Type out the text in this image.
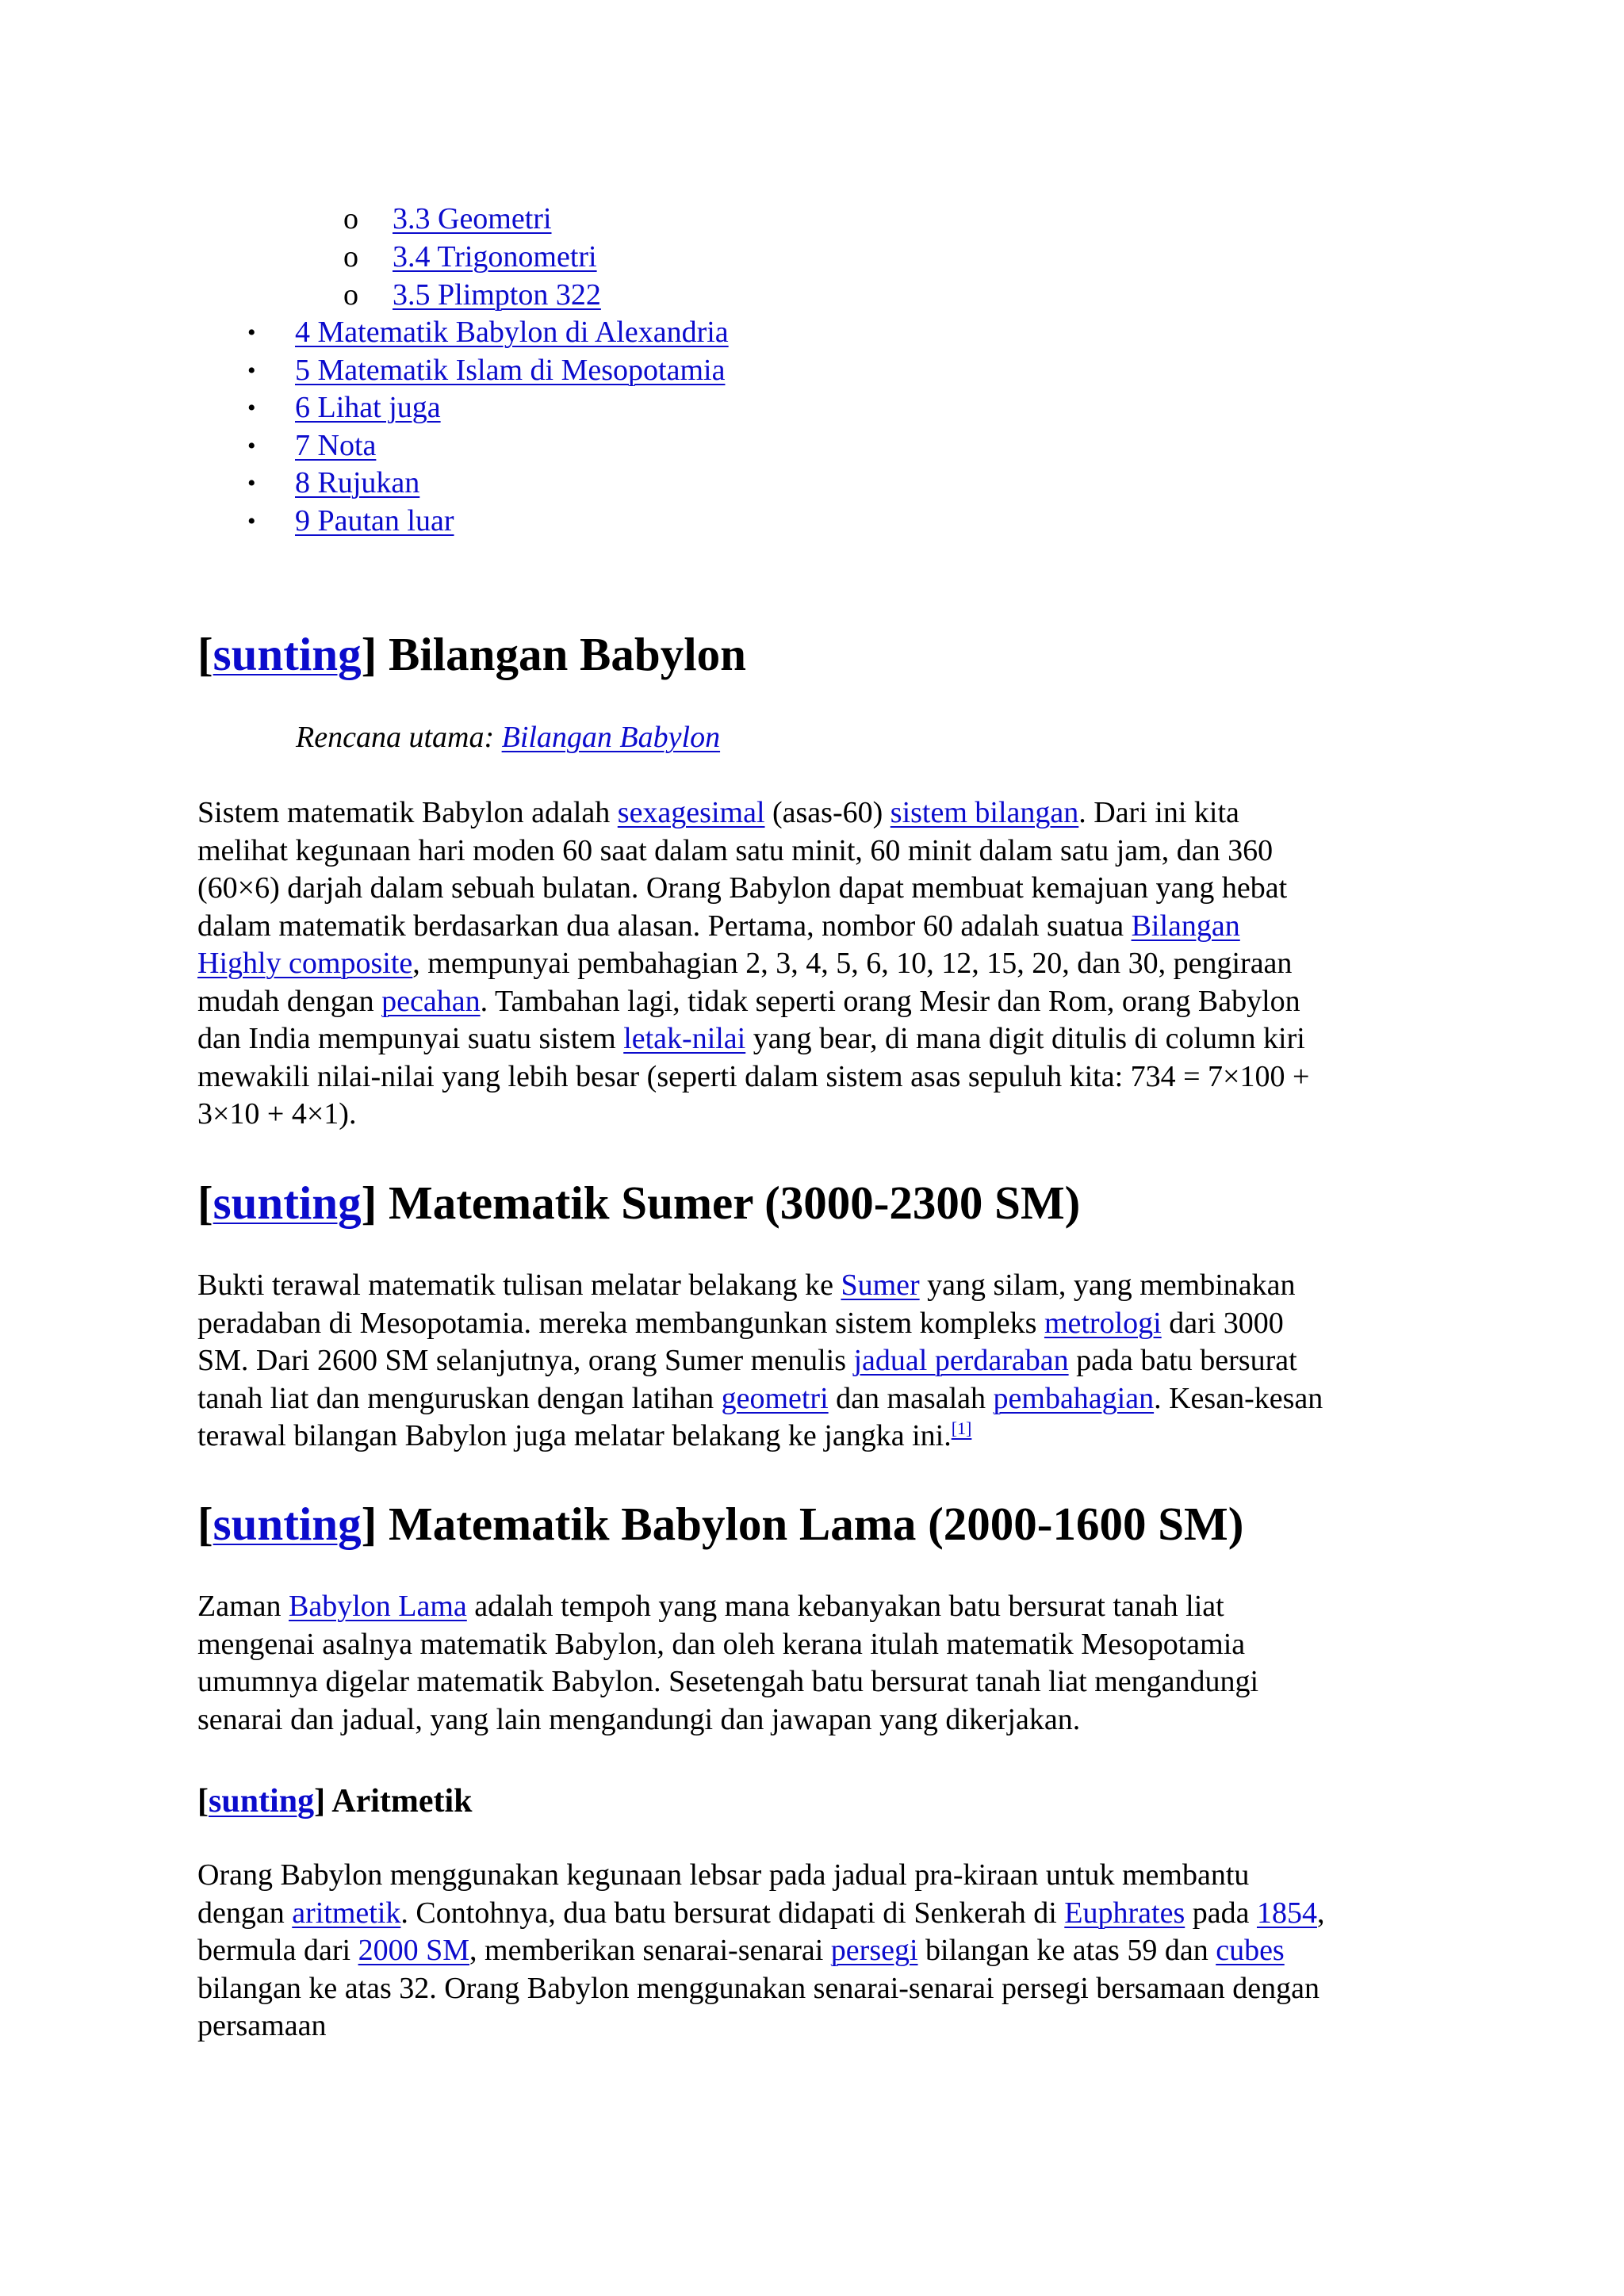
o 3.3 Geometri
o 3.4 Trigonometri
o 3.5 Plimpton 322
• 4 Matematik Babylon di Alexandria
• 5 Matematik Islam di Mesopotamia
• 6 Lihat juga
• 7 Nota
• 8 Rujukan
• 9 Pautan luar
[sunting] Bilangan Babylon
Rencana utama: Bilangan Babylon
Sistem matematik Babylon adalah sexagesimal (asas-60) sistem bilangan. Dari ini kita
melihat kegunaan hari moden 60 saat dalam satu minit, 60 minit dalam satu jam, dan 360
(60×6) darjah dalam sebuah bulatan. Orang Babylon dapat membuat kemajuan yang hebat
dalam matematik berdasarkan dua alasan. Pertama, nombor 60 adalah suatua Bilangan
Highly composite, mempunyai pembahagian 2, 3, 4, 5, 6, 10, 12, 15, 20, dan 30, pengiraan
mudah dengan pecahan. Tambahan lagi, tidak seperti orang Mesir dan Rom, orang Babylon
dan India mempunyai suatu sistem letak-nilai yang bear, di mana digit ditulis di column kiri
mewakili nilai-nilai yang lebih besar (seperti dalam sistem asas sepuluh kita: 734 = 7×100 +
3×10 + 4×1).
[sunting] Matematik Sumer (3000-2300 SM)
Bukti terawal matematik tulisan melatar belakang ke Sumer yang silam, yang membinakan
peradaban di Mesopotamia. mereka membangunkan sistem kompleks metrologi dari 3000
SM. Dari 2600 SM selanjutnya, orang Sumer menulis jadual perdaraban pada batu bersurat
tanah liat dan menguruskan dengan latihan geometri dan masalah pembahagian. Kesan-kesan
terawal bilangan Babylon juga melatar belakang ke jangka ini.[1]
[sunting] Matematik Babylon Lama (2000-1600 SM)
Zaman Babylon Lama adalah tempoh yang mana kebanyakan batu bersurat tanah liat
mengenai asalnya matematik Babylon, dan oleh kerana itulah matematik Mesopotamia
umumnya digelar matematik Babylon. Sesetengah batu bersurat tanah liat mengandungi
senarai dan jadual, yang lain mengandungi dan jawapan yang dikerjakan.
[sunting] Aritmetik
Orang Babylon menggunakan kegunaan lebsar pada jadual pra-kiraan untuk membantu
dengan aritmetik. Contohnya, dua batu bersurat didapati di Senkerah di Euphrates pada 1854,
bermula dari 2000 SM, memberikan senarai-senarai persegi bilangan ke atas 59 dan cubes
bilangan ke atas 32. Orang Babylon menggunakan senarai-senarai persegi bersamaan dengan
persamaan
